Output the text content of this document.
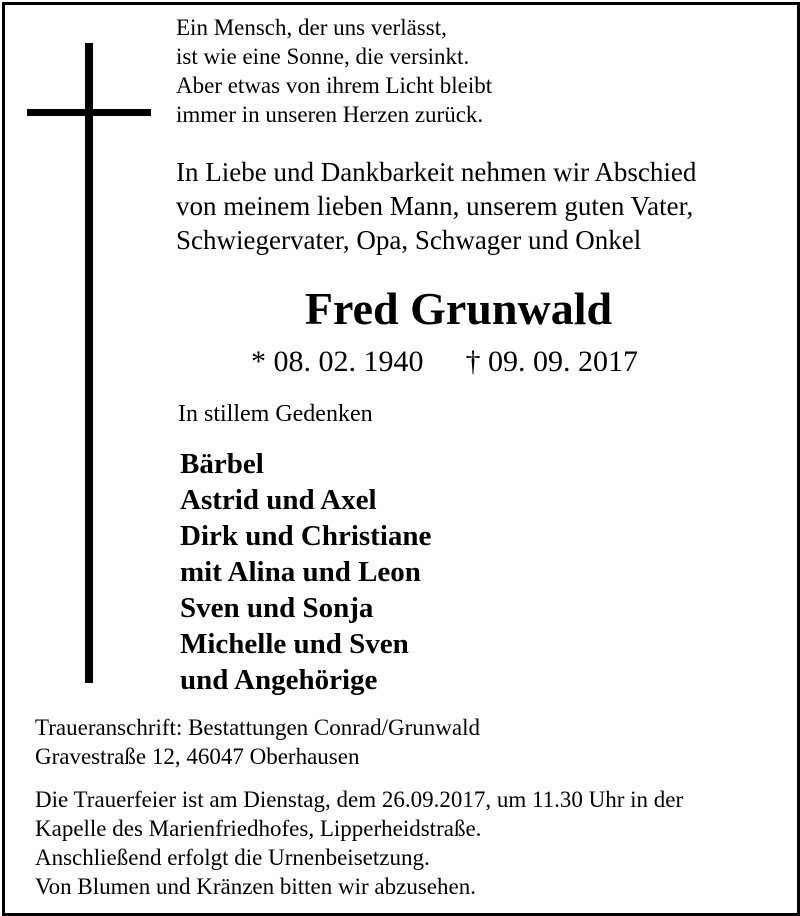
Ein Mensch, der uns verlässt,
ist wie eine Sonne, die versinkt.
Aber etwas von ihrem Licht bleibt
immer in unseren Herzen zurück.
In Liebe und Dankbarkeit nehmen wir Abschied
von meinem lieben Mann, unserem guten Vater,
Schwiegervater, Opa, Schwager und Onkel
Fred Grunwald
* 08. 02. 1940 † 09. 09. 2017
In stillem Gedenken
Bärbel
Astrid und Axel
Dirk und Christiane
mit Alina und Leon
Sven und Sonja
Michelle und Sven
und Angehörige
Traueranschrift: Bestattungen Conrad/Grunwald
Gravestraße 12, 46047 Oberhausen
Die Trauerfeier ist am Dienstag, dem 26.09.2017, um 11.30 Uhr in der
Kapelle des Marienfriedhofes, Lipperheidstraße.
Anschließend erfolgt die Urnenbeisetzung.
Von Blumen und Kränzen bitten wir abzusehen.
